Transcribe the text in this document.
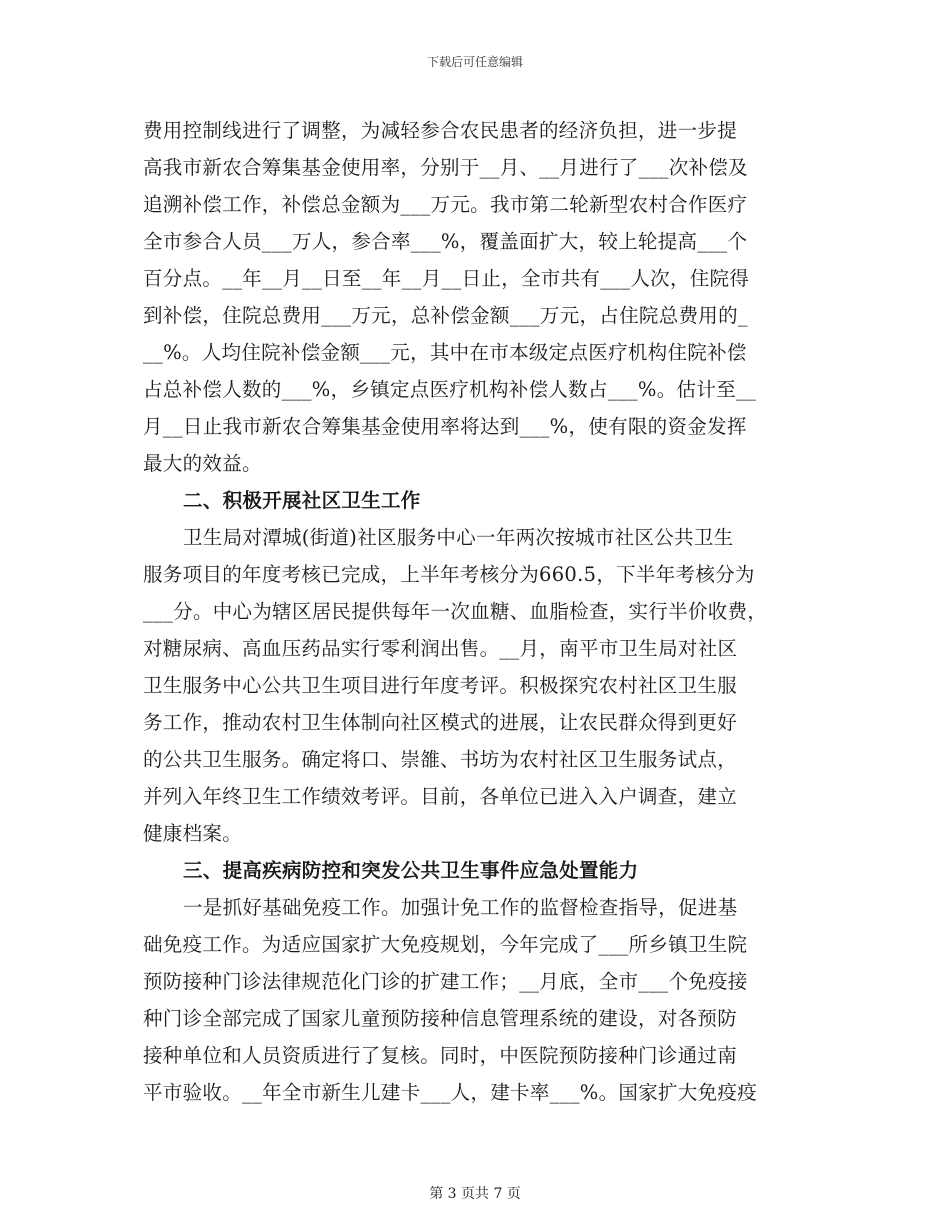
下载后可任意编辑
费用控制线进行了调整，为减轻参合农民患者的经济负担，进一步提
高我市新农合筹集基金使用率，分别于__月、__月进行了___次补偿及
追溯补偿工作，补偿总金额为___万元。我市第二轮新型农村合作医疗
全市参合人员___万人，参合率___%，覆盖面扩大，较上轮提高___个
百分点。__年__月__日至__年__月__日止，全市共有___人次，住院得
到补偿，住院总费用___万元，总补偿金额___万元，占住院总费用的_
__%。人均住院补偿金额___元，其中在市本级定点医疗机构住院补偿
占总补偿人数的___%，乡镇定点医疗机构补偿人数占___%。估计至__
月__日止我市新农合筹集基金使用率将达到___%，使有限的资金发挥
最大的效益。
二、积极开展社区卫生工作
卫生局对潭城(街道)社区服务中心一年两次按城市社区公共卫生
服务项目的年度考核已完成，上半年考核分为660.5，下半年考核分为
___分。中心为辖区居民提供每年一次血糖、血脂检查，实行半价收费，
对糖尿病、高血压药品实行零利润出售。__月，南平市卫生局对社区
卫生服务中心公共卫生项目进行年度考评。积极探究农村社区卫生服
务工作，推动农村卫生体制向社区模式的进展，让农民群众得到更好
的公共卫生服务。确定将口、崇雒、书坊为农村社区卫生服务试点，
并列入年终卫生工作绩效考评。目前，各单位已进入入户调查，建立
健康档案。
三、提高疾病防控和突发公共卫生事件应急处置能力
一是抓好基础免疫工作。加强计免工作的监督检查指导，促进基
础免疫工作。为适应国家扩大免疫规划，今年完成了___所乡镇卫生院
预防接种门诊法律规范化门诊的扩建工作；__月底，全市___个免疫接
种门诊全部完成了国家儿童预防接种信息管理系统的建设，对各预防
接种单位和人员资质进行了复核。同时，中医院预防接种门诊通过南
平市验收。__年全市新生儿建卡___人，建卡率___%。国家扩大免疫疫
第 3 页共 7 页
